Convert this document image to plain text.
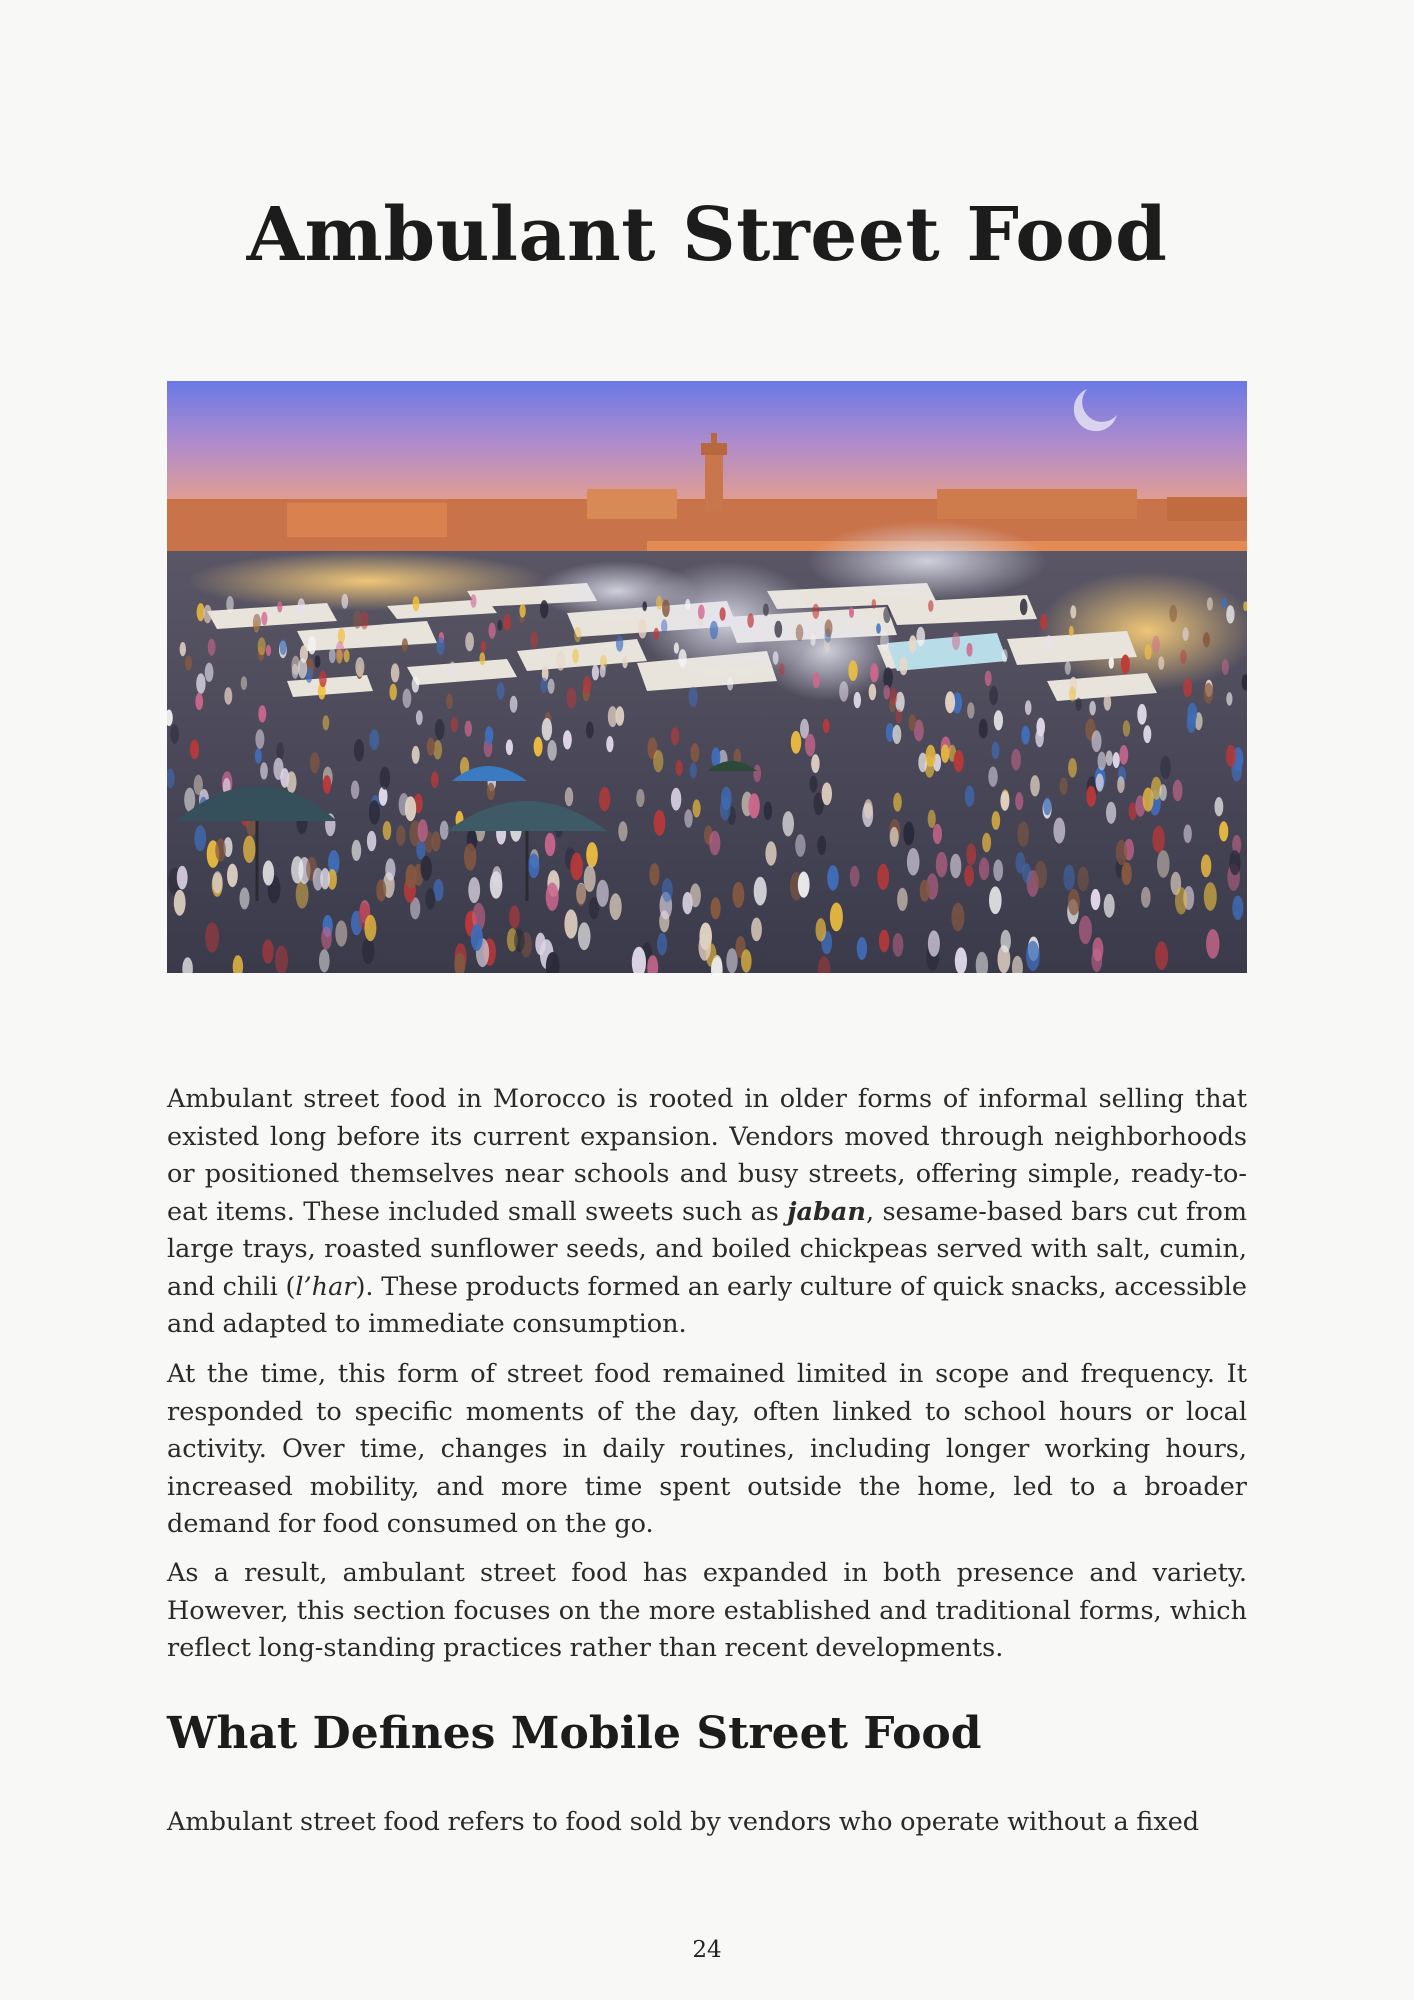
Ambulant Street Food

Ambulant street food in Morocco is rooted in older forms of informal selling that existed long before its current expansion. Vendors moved through neighborhoods or positioned themselves near schools and busy streets, offering simple, ready-to-eat items. These included small sweets such as jaban, sesame-based bars cut from large trays, roasted sunflower seeds, and boiled chickpeas served with salt, cumin, and chili (l’har). These products formed an early culture of quick snacks, accessible and adapted to immediate consumption.

At the time, this form of street food remained limited in scope and frequency. It responded to specific moments of the day, often linked to school hours or local activity. Over time, changes in daily routines, including longer working hours, increased mobility, and more time spent outside the home, led to a broader demand for food consumed on the go.

As a result, ambulant street food has expanded in both presence and variety. However, this section focuses on the more established and traditional forms, which reflect long-standing practices rather than recent developments.

What Defines Mobile Street Food

Ambulant street food refers to food sold by vendors who operate without a fixed

24
